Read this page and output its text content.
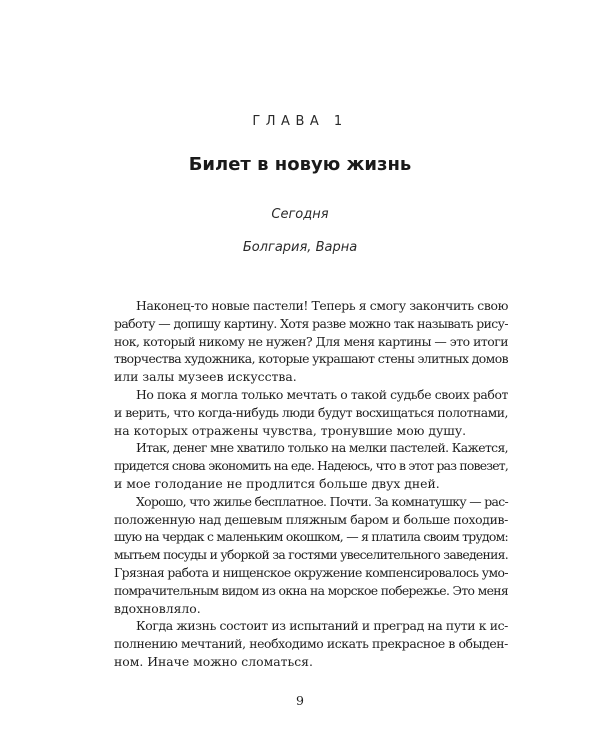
ГЛАВА 1
Билет в новую жизнь
Сегодня
Болгария, Варна
Наконец-то новые пастели! Теперь я смогу закончить свою
работу — допишу картину. Хотя разве можно так называть рису-
нок, который никому не нужен? Для меня картины — это итоги
творчества художника, которые украшают стены элитных домов
или залы музеев искусства.
Но пока я могла только мечтать о такой судьбе своих работ
и верить, что когда-нибудь люди будут восхищаться полотнами,
на которых отражены чувства, тронувшие мою душу.
Итак, денег мне хватило только на мелки пастелей. Кажется,
придется снова экономить на еде. Надеюсь, что в этот раз повезет,
и мое голодание не продлится больше двух дней.
Хорошо, что жилье бесплатное. Почти. За комнатушку — рас-
положенную над дешевым пляжным баром и больше походив-
шую на чердак с маленьким окошком, — я платила своим трудом:
мытьем посуды и уборкой за гостями увеселительного заведения.
Грязная работа и нищенское окружение компенсировалось умо-
помрачительным видом из окна на морское побережье. Это меня
вдохновляло.
Когда жизнь состоит из испытаний и преград на пути к ис-
полнению мечтаний, необходимо искать прекрасное в обыден-
ном. Иначе можно сломаться.
9
